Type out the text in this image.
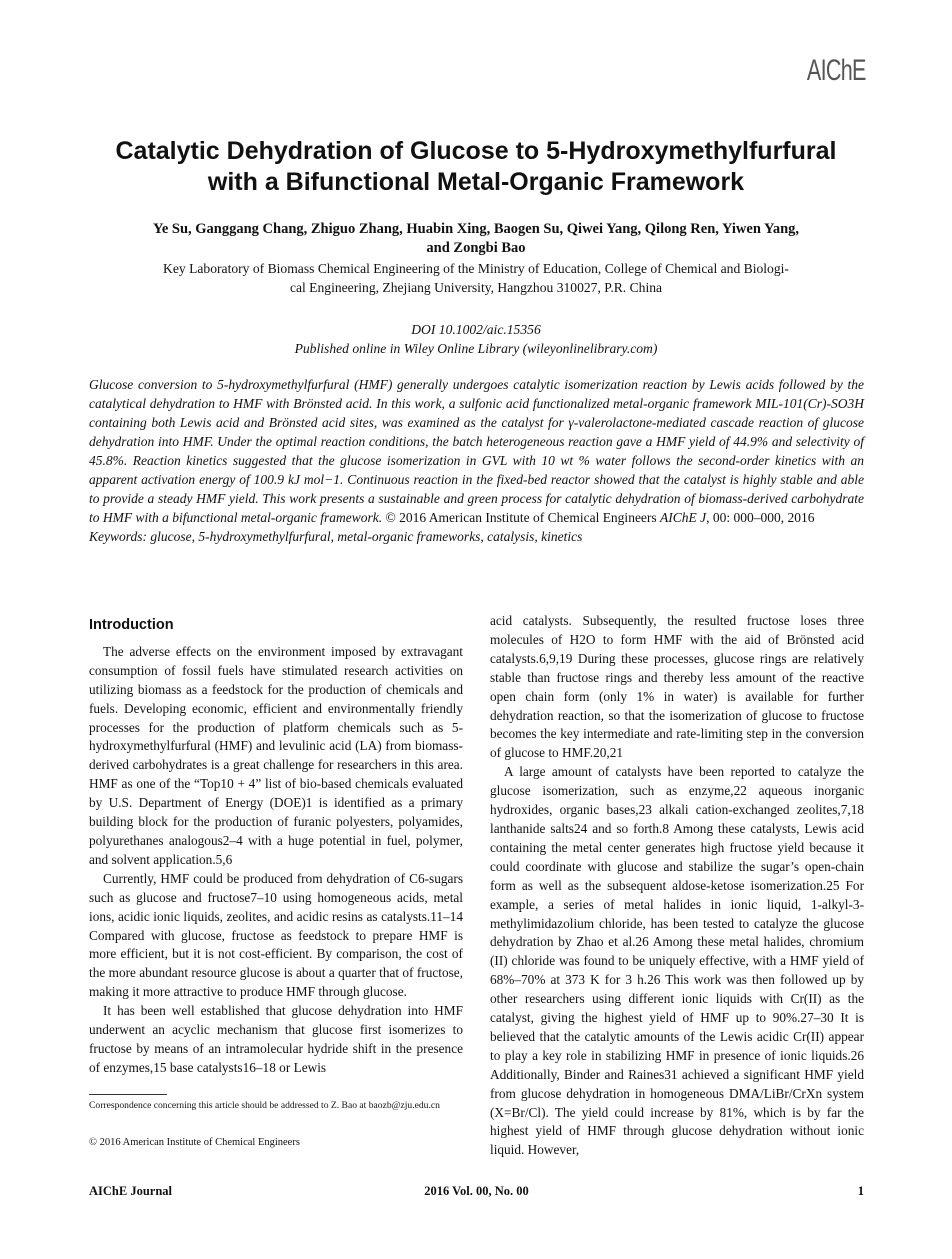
AIChE
Catalytic Dehydration of Glucose to 5-Hydroxymethylfurfural
with a Bifunctional Metal-Organic Framework
Ye Su, Ganggang Chang, Zhiguo Zhang, Huabin Xing, Baogen Su, Qiwei Yang, Qilong Ren, Yiwen Yang,
and Zongbi Bao
Key Laboratory of Biomass Chemical Engineering of the Ministry of Education, College of Chemical and Biologi-
cal Engineering, Zhejiang University, Hangzhou 310027, P.R. China
DOI 10.1002/aic.15356
Published online in Wiley Online Library (wileyonlinelibrary.com)
Glucose conversion to 5-hydroxymethylfurfural (HMF) generally undergoes catalytic isomerization reaction by Lewis acids followed by the catalytical dehydration to HMF with Brönsted acid. In this work, a sulfonic acid functionalized metal-organic framework MIL-101(Cr)-SO3H containing both Lewis acid and Brönsted acid sites, was examined as the catalyst for γ-valerolactone-mediated cascade reaction of glucose dehydration into HMF. Under the optimal reaction conditions, the batch heterogeneous reaction gave a HMF yield of 44.9% and selectivity of 45.8%. Reaction kinetics suggested that the glucose isomerization in GVL with 10 wt % water follows the second-order kinetics with an apparent activation energy of 100.9 kJ mol−1. Continuous reaction in the fixed-bed reactor showed that the catalyst is highly stable and able to provide a steady HMF yield. This work presents a sustainable and green process for catalytic dehydration of biomass-derived carbohydrate to HMF with a bifunctional metal-organic framework. © 2016 American Institute of Chemical Engineers AIChE J, 00: 000–000, 2016
Keywords: glucose, 5-hydroxymethylfurfural, metal-organic frameworks, catalysis, kinetics

Introduction

The adverse effects on the environment imposed by extravagant consumption of fossil fuels have stimulated research activities on utilizing biomass as a feedstock for the production of chemicals and fuels. Developing economic, efficient and environmentally friendly processes for the production of platform chemicals such as 5-hydroxymethylfurfural (HMF) and levulinic acid (LA) from biomass-derived carbohydrates is a great challenge for researchers in this area. HMF as one of the “Top10 + 4” list of bio-based chemicals evaluated by U.S. Department of Energy (DOE)1 is identified as a primary building block for the production of furanic polyesters, polyamides, polyurethanes analogous2–4 with a huge potential in fuel, polymer, and solvent application.5,6

Currently, HMF could be produced from dehydration of C6-sugars such as glucose and fructose7–10 using homogeneous acids, metal ions, acidic ionic liquids, zeolites, and acidic resins as catalysts.11–14 Compared with glucose, fructose as feedstock to prepare HMF is more efficient, but it is not cost-efficient. By comparison, the cost of the more abundant resource glucose is about a quarter that of fructose, making it more attractive to produce HMF through glucose.

It has been well established that glucose dehydration into HMF underwent an acyclic mechanism that glucose first isomerizes to fructose by means of an intramolecular hydride shift in the presence of enzymes,15 base catalysts16–18 or Lewis

acid catalysts. Subsequently, the resulted fructose loses three molecules of H2O to form HMF with the aid of Brönsted acid catalysts.6,9,19 During these processes, glucose rings are relatively stable than fructose rings and thereby less amount of the reactive open chain form (only 1% in water) is available for further dehydration reaction, so that the isomerization of glucose to fructose becomes the key intermediate and rate-limiting step in the conversion of glucose to HMF.20,21

A large amount of catalysts have been reported to catalyze the glucose isomerization, such as enzyme,22 aqueous inorganic hydroxides, organic bases,23 alkali cation-exchanged zeolites,7,18 lanthanide salts24 and so forth.8 Among these catalysts, Lewis acid containing the metal center generates high fructose yield because it could coordinate with glucose and stabilize the sugar’s open-chain form as well as the subsequent aldose-ketose isomerization.25 For example, a series of metal halides in ionic liquid, 1-alkyl-3-methylimidazolium chloride, has been tested to catalyze the glucose dehydration by Zhao et al.26 Among these metal halides, chromium (II) chloride was found to be uniquely effective, with a HMF yield of 68%–70% at 373 K for 3 h.26 This work was then followed up by other researchers using different ionic liquids with Cr(II) as the catalyst, giving the highest yield of HMF up to 90%.27–30 It is believed that the catalytic amounts of the Lewis acidic Cr(II) appear to play a key role in stabilizing HMF in presence of ionic liquids.26 Additionally, Binder and Raines31 achieved a significant HMF yield from glucose dehydration in homogeneous DMA/LiBr/CrXn system (X=Br/Cl). The yield could increase by 81%, which is by far the highest yield of HMF through glucose dehydration without ionic liquid. However,

Correspondence concerning this article should be addressed to Z. Bao at baozb@zju.edu.cn
© 2016 American Institute of Chemical Engineers
AIChE Journal	2016 Vol. 00, No. 00	1
